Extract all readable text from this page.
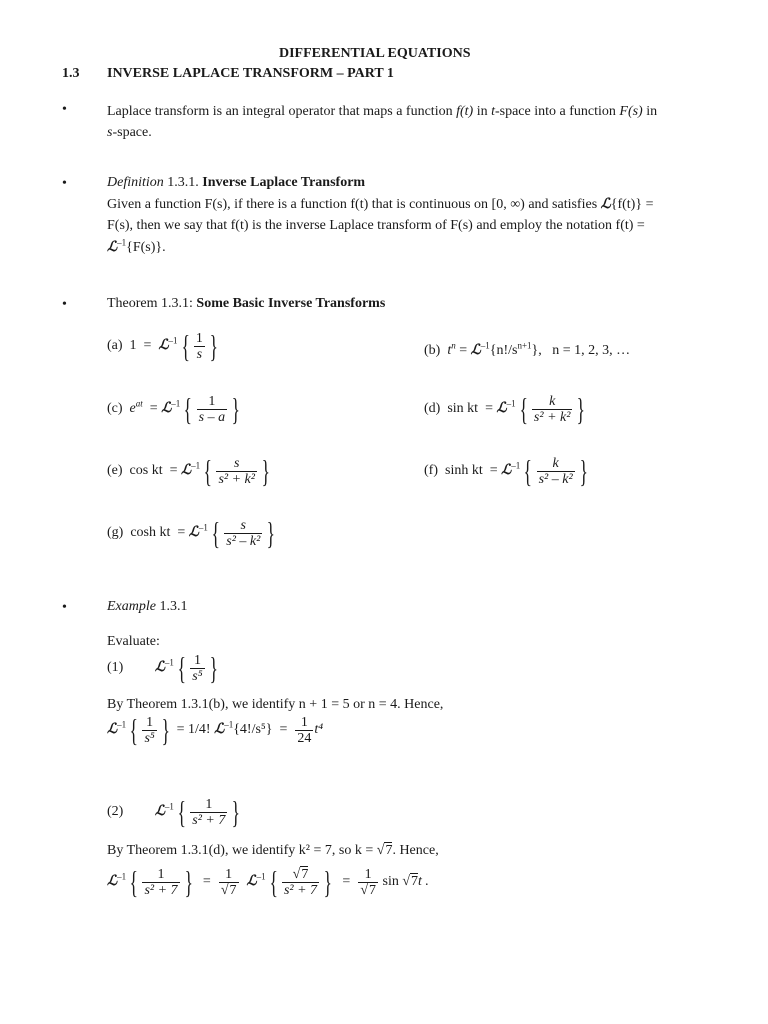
DIFFERENTIAL EQUATIONS
1.3 INVERSE LAPLACE TRANSFORM – PART 1
•	Laplace transform is an integral operator that maps a function f(t) in t-space into a function F(s) in
s-space.
•	Definition 1.3.1. Inverse Laplace Transform
Given a function F(s), if there is a function f(t) that is continuous on [0, ∞) and satisfies ℒ{f(t)} =
F(s), then we say that f(t) is the inverse Laplace transform of F(s) and employ the notation f(t) =
ℒ$^{-1}${F(s)}.
•	Theorem 1.3.1: Some Basic Inverse Transforms
(a) 1  =  ℒ$^{-1}$ { $\frac{1}{s}$ }	(b) $t^n$ = $ℒ^{-1}\{n!/s^{n+1}\}$, n = 1, 2, 3, …
(c) $e^{at}$  = ℒ$^{-1}$ { $\frac{1}{s - a}$ }	(d) sin kt  = ℒ$^{-1}$ { $\frac{k}{\text{s² + k²}}$ }
(e) cos kt  = ℒ$^{-1}$ { $\frac{s}{\text{s² + k²}}$ }	(f) sinh kt  = ℒ$^{-1}$ { $\frac{k}{\text{s² – k²}}$ }
(g) cosh kt  = ℒ$^{-1}$ { $\frac{s}{\text{s² – k²}}$ }
•	Example 1.3.1
Evaluate:
(1) ℒ$^{-1}$ { $\frac{1}{\text{s⁵}}$ }
By Theorem 1.3.1(b), we identify n + 1 = 5 or n = 4. Hence,
ℒ$^{-1}$ { $\frac{1}{\text{s⁵}}$ } = 1/4! ℒ$^{-1}${4!/s⁵} = $\frac{1}{24} t^4$
(2) ℒ$^{-1}$ { $\frac{1}{\text{s² + 7}}$ }
By Theorem 1.3.1(d), we identify k² = 7, so k = √7. Hence,
ℒ$^{-1}$ { $\frac{1}{\text{s² + 7}}$ } = $\frac{1}{√7}$ ℒ$^{-1}$ { $\frac{√7}{\text{s² + 7}}$ } = $\frac{1}{√7}$ sin √7t .
